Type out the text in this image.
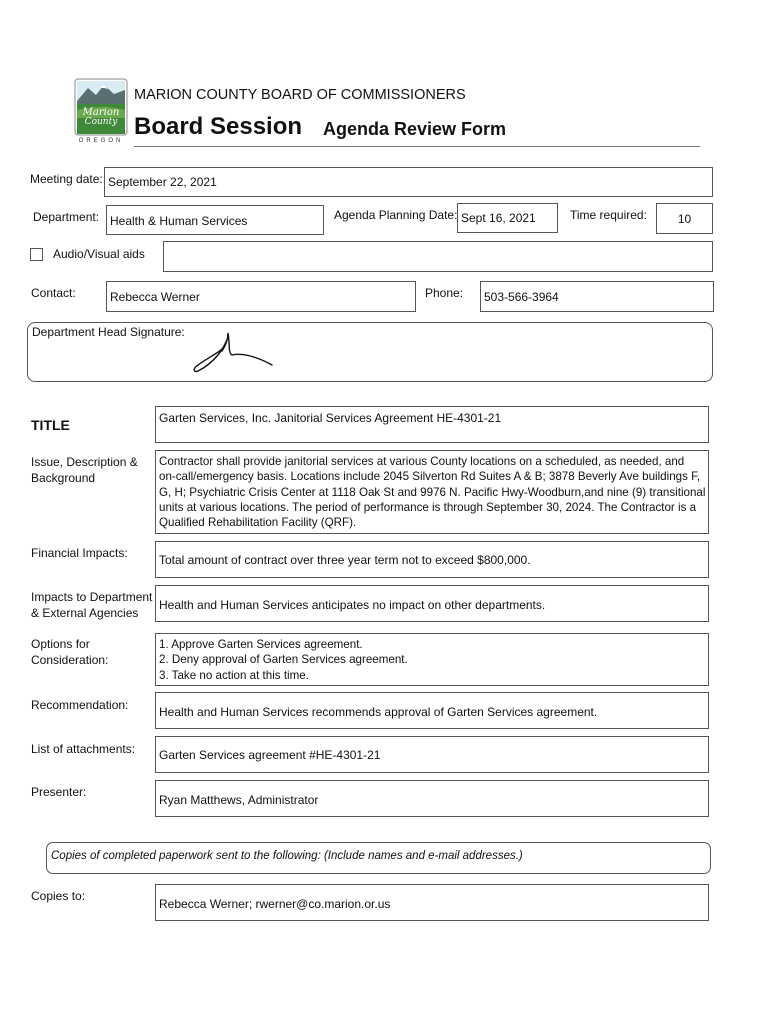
Marion
County
OREGON
MARION COUNTY BOARD OF COMMISSIONERS
Board Session Agenda Review Form
Meeting date: September 22, 2021
Department: Health & Human Services	Agenda Planning Date: Sept 16, 2021	Time required:	10
Audio/Visual aids
Contact:	Rebecca Werner	Phone: 503-566-3964
Department Head Signature:
TITLE	Garten Services, Inc. Janitorial Services Agreement HE-4301-21
Issue, Description &
Background
Contractor shall provide janitorial services at various County locations on a scheduled, as needed, and
on-call/emergency basis. Locations include 2045 Silverton Rd Suites A & B; 3878 Beverly Ave buildings F,
G, H; Psychiatric Crisis Center at 1118 Oak St and 9976 N. Pacific Hwy-Woodburn,and nine (9) transitional
units at various locations. The period of performance is through September 30, 2024. The Contractor is a
Qualified Rehabilitation Facility (QRF).
Financial Impacts:	Total amount of contract over three year term not to exceed $800,000.
Impacts to Department
& External Agencies
Health and Human Services anticipates no impact on other departments.
Options for
Consideration:
1. Approve Garten Services agreement.
2. Deny approval of Garten Services agreement.
3. Take no action at this time.
Recommendation:	Health and Human Services recommends approval of Garten Services agreement.
List of attachments: Garten Services agreement #HE-4301-21
Presenter:
Ryan Matthews, Administrator
Copies of completed paperwork sent to the following: (Include names and e-mail addresses.)
Copies to:
Rebecca Werner; rwerner@co.marion.or.us
